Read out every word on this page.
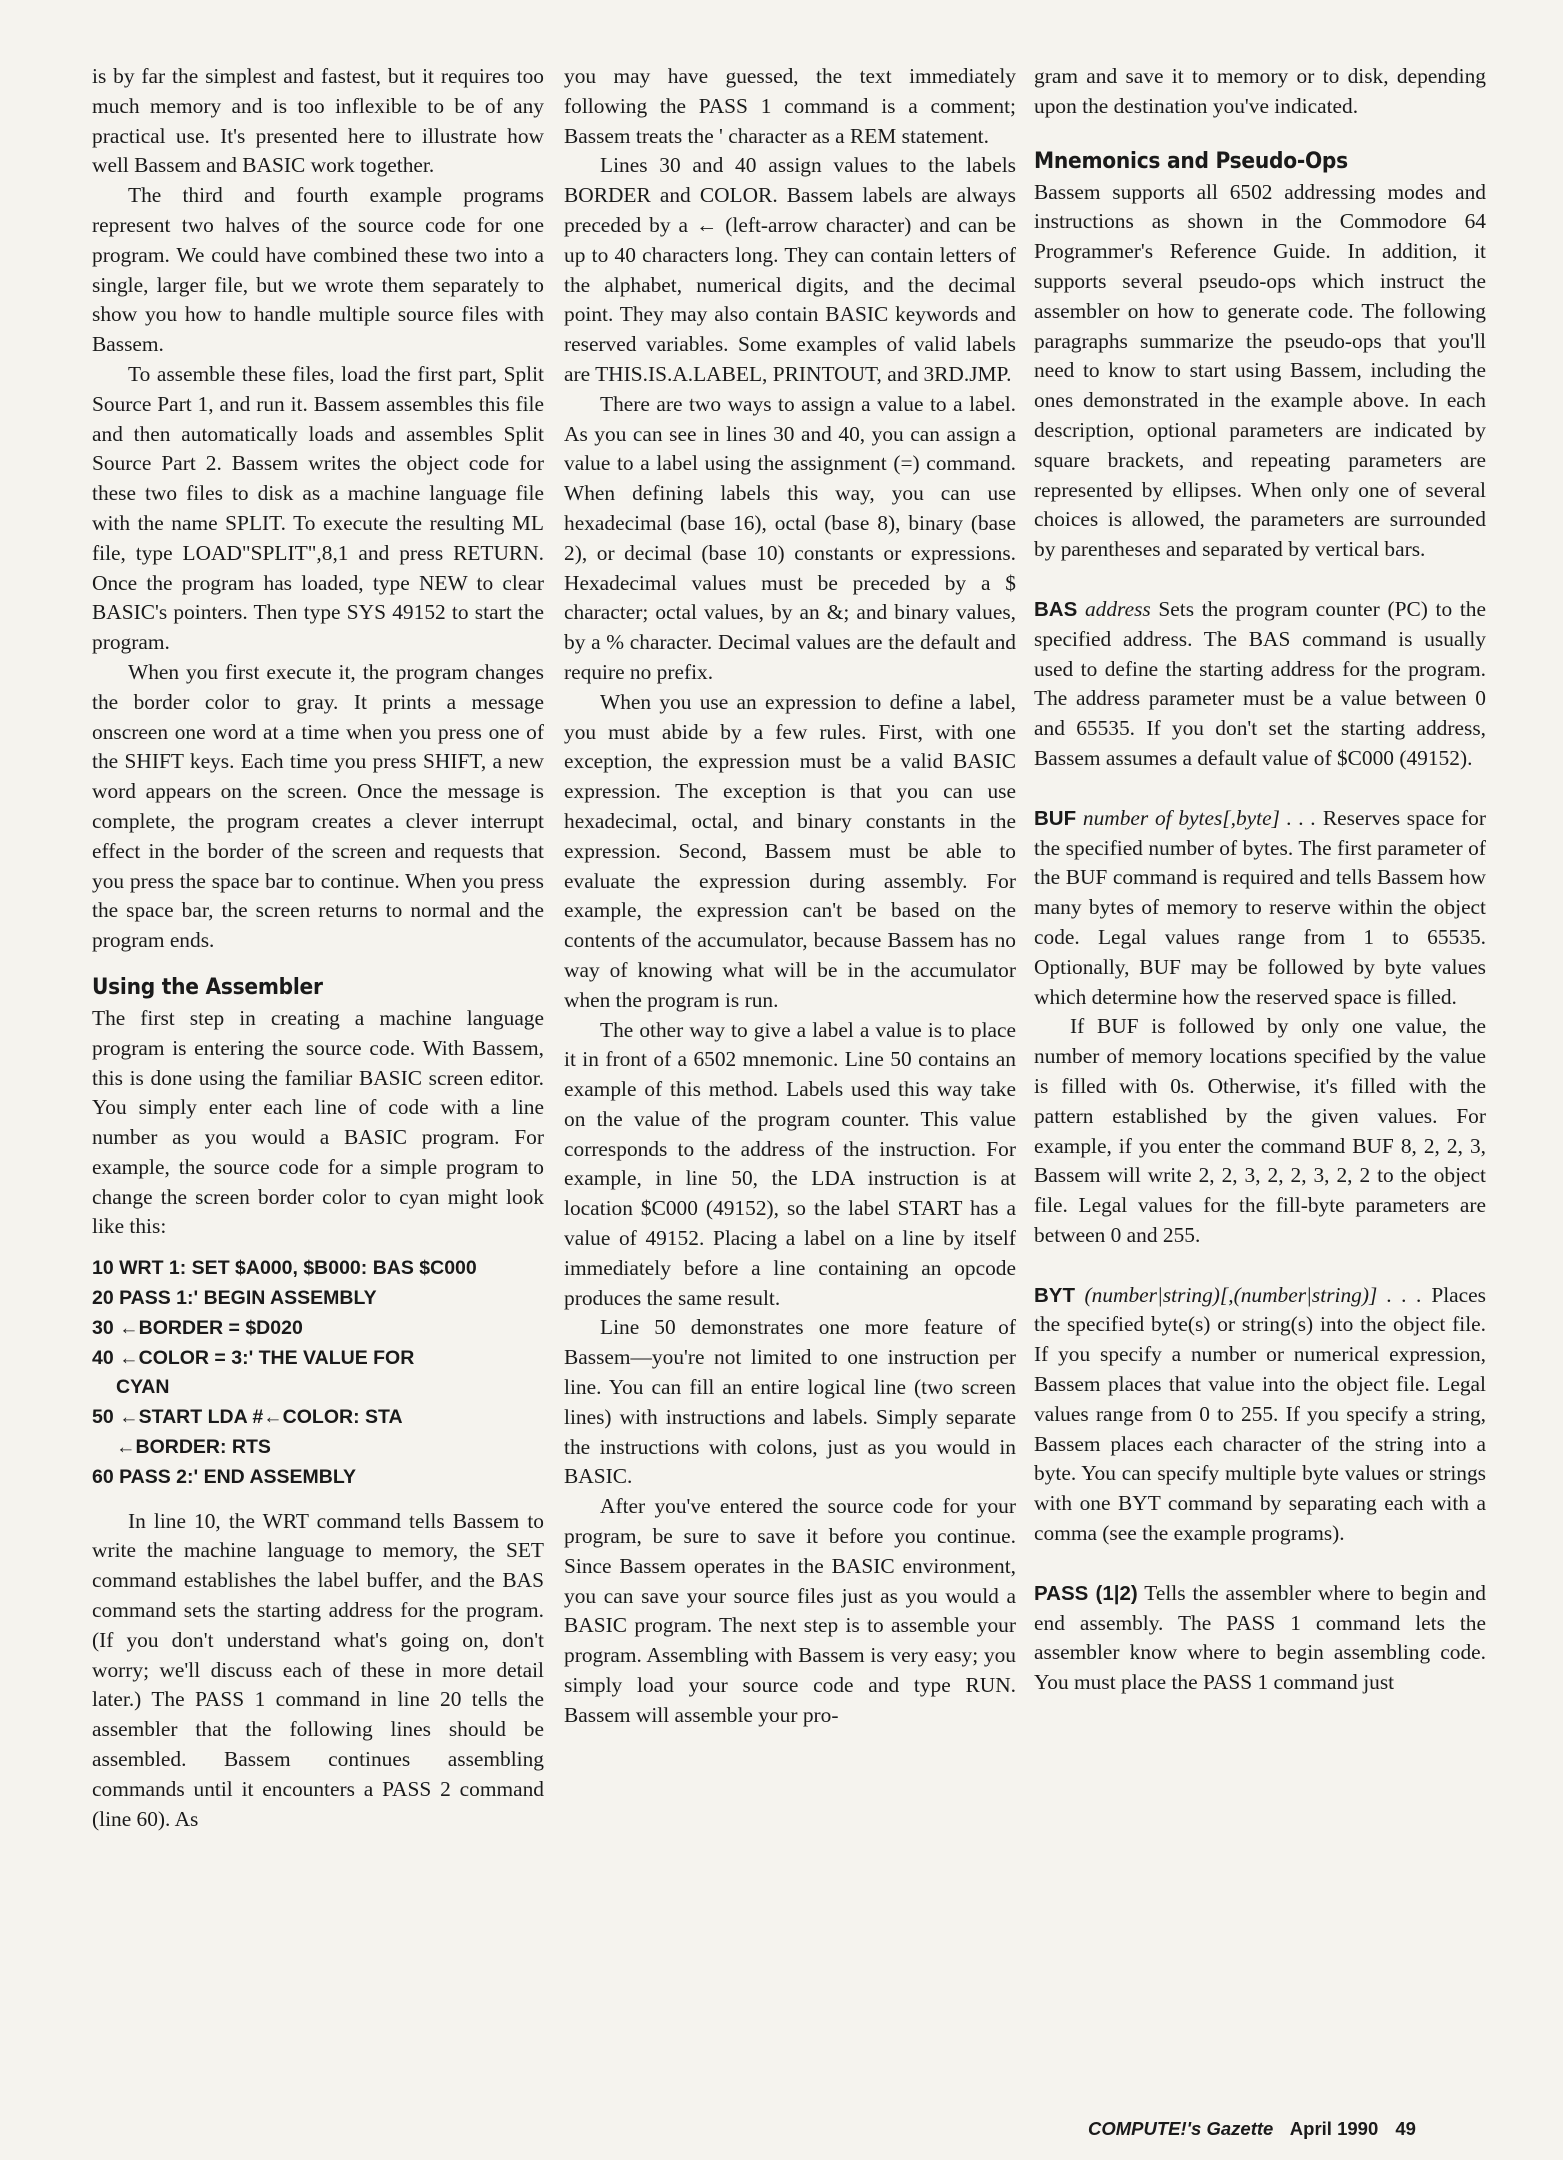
is by far the simplest and fastest, but it requires too much memory and is too inflexible to be of any practical use. It's presented here to illustrate how well Bassem and BASIC work together.

The third and fourth example programs represent two halves of the source code for one program. We could have combined these two into a single, larger file, but we wrote them separately to show you how to handle multiple source files with Bassem.

To assemble these files, load the first part, Split Source Part 1, and run it. Bassem assembles this file and then automatically loads and assembles Split Source Part 2. Bassem writes the object code for these two files to disk as a machine language file with the name SPLIT. To execute the resulting ML file, type LOAD"SPLIT",8,1 and press RETURN. Once the program has loaded, type NEW to clear BASIC's pointers. Then type SYS 49152 to start the program.

When you first execute it, the program changes the border color to gray. It prints a message onscreen one word at a time when you press one of the SHIFT keys. Each time you press SHIFT, a new word appears on the screen. Once the message is complete, the program creates a clever interrupt effect in the border of the screen and requests that you press the space bar to continue. When you press the space bar, the screen returns to normal and the program ends.

Using the Assembler

The first step in creating a machine language program is entering the source code. With Bassem, this is done using the familiar BASIC screen editor. You simply enter each line of code with a line number as you would a BASIC program. For example, the source code for a simple program to change the screen border color to cyan might look like this:

10 WRT 1: SET $A000, $B000: BAS $C000
20 PASS 1:' BEGIN ASSEMBLY
30 ←BORDER = $D020
40 ←COLOR = 3:' THE VALUE FOR
CYAN
50 ←START LDA #←COLOR: STA
←BORDER: RTS
60 PASS 2:' END ASSEMBLY

In line 10, the WRT command tells Bassem to write the machine language to memory, the SET command establishes the label buffer, and the BAS command sets the starting address for the program. (If you don't understand what's going on, don't worry; we'll discuss each of these in more detail later.) The PASS 1 command in line 20 tells the assembler that the following lines should be assembled. Bassem continues assembling commands until it encounters a PASS 2 command (line 60). As

you may have guessed, the text immediately following the PASS 1 command is a comment; Bassem treats the ' character as a REM statement.

Lines 30 and 40 assign values to the labels BORDER and COLOR. Bassem labels are always preceded by a ← (left-arrow character) and can be up to 40 characters long. They can contain letters of the alphabet, numerical digits, and the decimal point. They may also contain BASIC keywords and reserved variables. Some examples of valid labels are THIS.IS.A.LABEL, PRINTOUT, and 3RD.JMP.

There are two ways to assign a value to a label. As you can see in lines 30 and 40, you can assign a value to a label using the assignment (=) command. When defining labels this way, you can use hexadecimal (base 16), octal (base 8), binary (base 2), or decimal (base 10) constants or expressions. Hexadecimal values must be preceded by a $ character; octal values, by an &; and binary values, by a % character. Decimal values are the default and require no prefix.

When you use an expression to define a label, you must abide by a few rules. First, with one exception, the expression must be a valid BASIC expression. The exception is that you can use hexadecimal, octal, and binary constants in the expression. Second, Bassem must be able to evaluate the expression during assembly. For example, the expression can't be based on the contents of the accumulator, because Bassem has no way of knowing what will be in the accumulator when the program is run.

The other way to give a label a value is to place it in front of a 6502 mnemonic. Line 50 contains an example of this method. Labels used this way take on the value of the program counter. This value corresponds to the address of the instruction. For example, in line 50, the LDA instruction is at location $C000 (49152), so the label START has a value of 49152. Placing a label on a line by itself immediately before a line containing an opcode produces the same result.

Line 50 demonstrates one more feature of Bassem—you're not limited to one instruction per line. You can fill an entire logical line (two screen lines) with instructions and labels. Simply separate the instructions with colons, just as you would in BASIC.

After you've entered the source code for your program, be sure to save it before you continue. Since Bassem operates in the BASIC environment, you can save your source files just as you would a BASIC program. The next step is to assemble your program. Assembling with Bassem is very easy; you simply load your source code and type RUN. Bassem will assemble your pro-

gram and save it to memory or to disk, depending upon the destination you've indicated.

Mnemonics and Pseudo-Ops

Bassem supports all 6502 addressing modes and instructions as shown in the Commodore 64 Programmer's Reference Guide. In addition, it supports several pseudo-ops which instruct the assembler on how to generate code. The following paragraphs summarize the pseudo-ops that you'll need to know to start using Bassem, including the ones demonstrated in the example above. In each description, optional parameters are indicated by square brackets, and repeating parameters are represented by ellipses. When only one of several choices is allowed, the parameters are surrounded by parentheses and separated by vertical bars.

BAS address Sets the program counter (PC) to the specified address. The BAS command is usually used to define the starting address for the program. The address parameter must be a value between 0 and 65535. If you don't set the starting address, Bassem assumes a default value of $C000 (49152).

BUF number of bytes[,byte] . . . Reserves space for the specified number of bytes. The first parameter of the BUF command is required and tells Bassem how many bytes of memory to reserve within the object code. Legal values range from 1 to 65535. Optionally, BUF may be followed by byte values which determine how the reserved space is filled.

If BUF is followed by only one value, the number of memory locations specified by the value is filled with 0s. Otherwise, it's filled with the pattern established by the given values. For example, if you enter the command BUF 8, 2, 2, 3, Bassem will write 2, 2, 3, 2, 2, 3, 2, 2 to the object file. Legal values for the fill-byte parameters are between 0 and 255.

BYT (number|string)[,(number|string)] . . . Places the specified byte(s) or string(s) into the object file. If you specify a number or numerical expression, Bassem places that value into the object file. Legal values range from 0 to 255. If you specify a string, Bassem places each character of the string into a byte. You can specify multiple byte values or strings with one BYT command by separating each with a comma (see the example programs).

PASS (1|2) Tells the assembler where to begin and end assembly. The PASS 1 command lets the assembler know where to begin assembling code. You must place the PASS 1 command just

COMPUTE!'s Gazette April 1990 49
